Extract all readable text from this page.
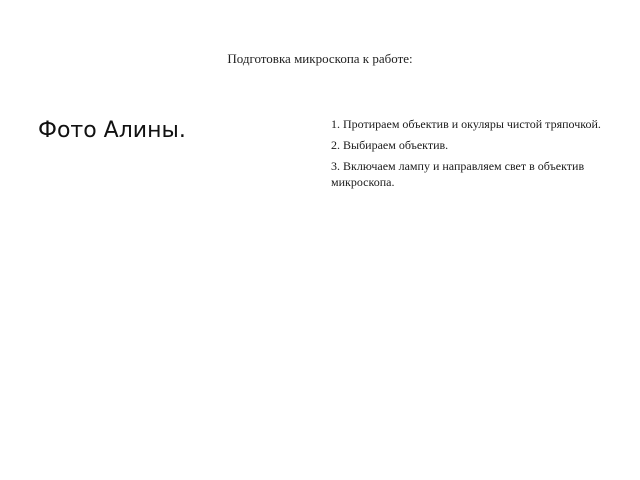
Подготовка микроскопа к работе:
Фото Алины.	1. Протираем объектив и окуляры чистой тряпочкой.
2. Выбираем объектив.
3. Включаем лампу и направляем свет в объектив микроскопа.
